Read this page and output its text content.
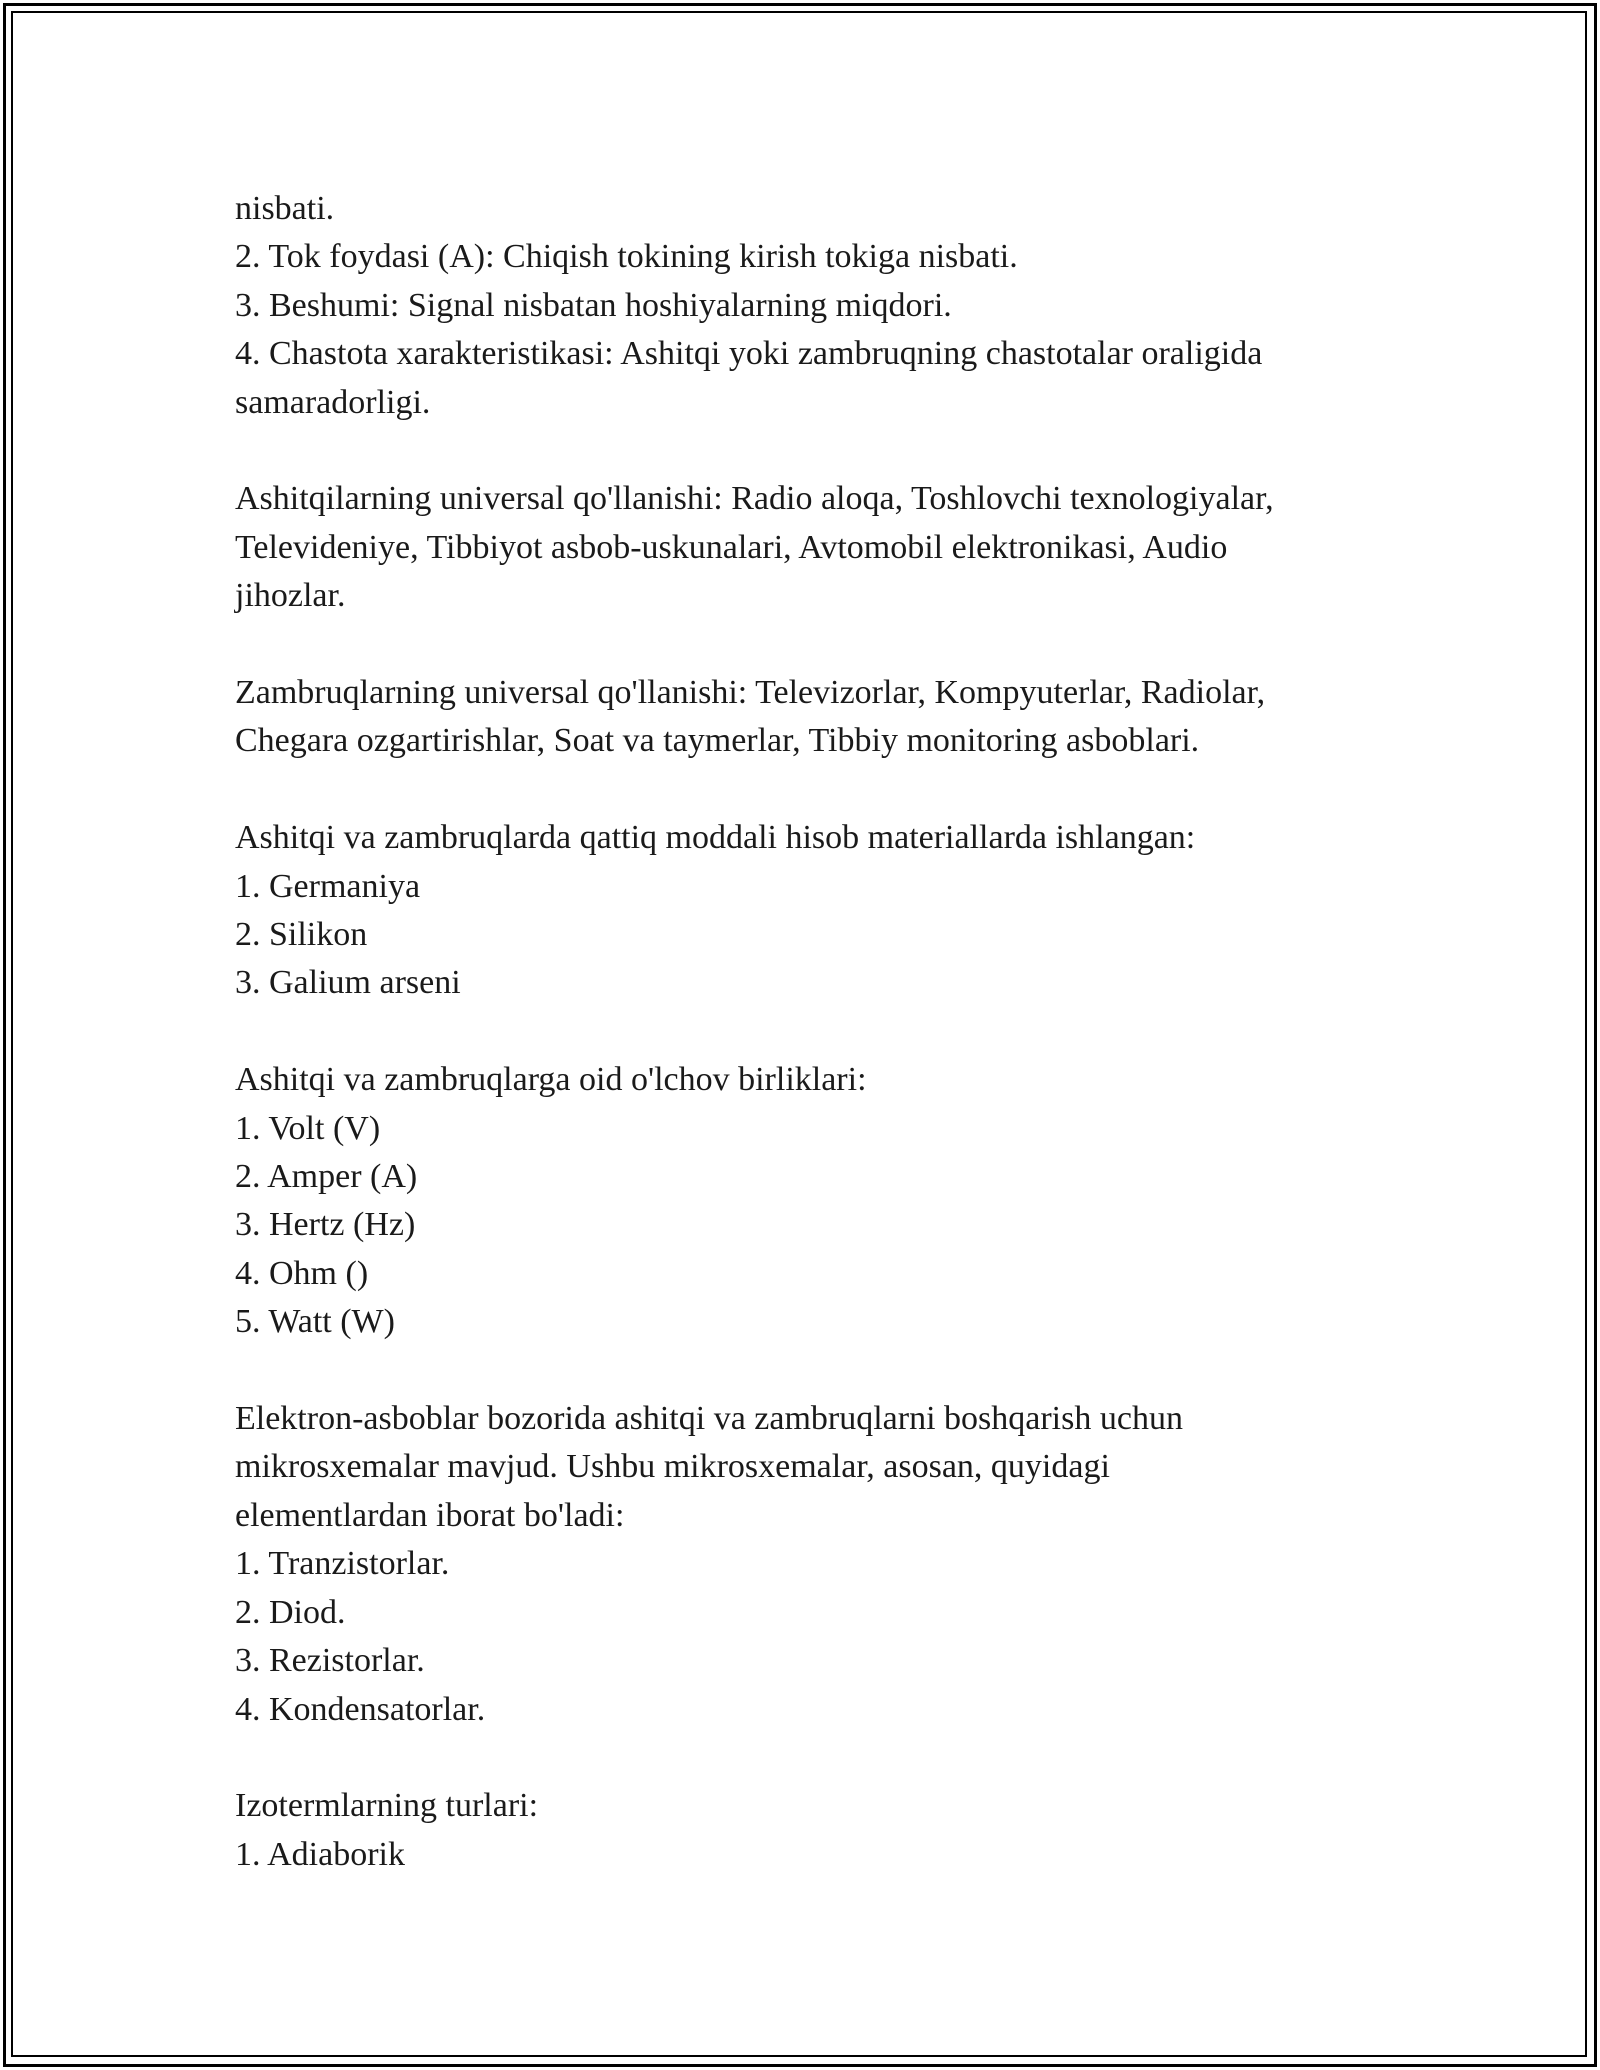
nisbati.
2. Tok foydasi (A): Chiqish tokining kirish tokiga nisbati.
3. Beshumi: Signal nisbatan hoshiyalarning miqdori.
4. Chastota xarakteristikasi: Ashitqi yoki zambruqning chastotalar oraligida
samaradorligi.
Ashitqilarning universal qo'llanishi: Radio aloqa, Toshlovchi texnologiyalar,
Televideniye, Tibbiyot asbob-uskunalari, Avtomobil elektronikasi, Audio
jihozlar.
Zambruqlarning universal qo'llanishi: Televizorlar, Kompyuterlar, Radiolar,
Chegara ozgartirishlar, Soat va taymerlar, Tibbiy monitoring asboblari.
Ashitqi va zambruqlarda qattiq moddali hisob materiallarda ishlangan:
1. Germaniya
2. Silikon
3. Galium arseni
Ashitqi va zambruqlarga oid o'lchov birliklari:
1. Volt (V)
2. Amper (A)
3. Hertz (Hz)
4. Ohm ()
5. Watt (W)
Elektron-asboblar bozorida ashitqi va zambruqlarni boshqarish uchun
mikrosxemalar mavjud. Ushbu mikrosxemalar, asosan, quyidagi
elementlardan iborat bo'ladi:
1. Tranzistorlar.
2. Diod.
3. Rezistorlar.
4. Kondensatorlar.
Izotermlarning turlari:
1. Adiaborik
